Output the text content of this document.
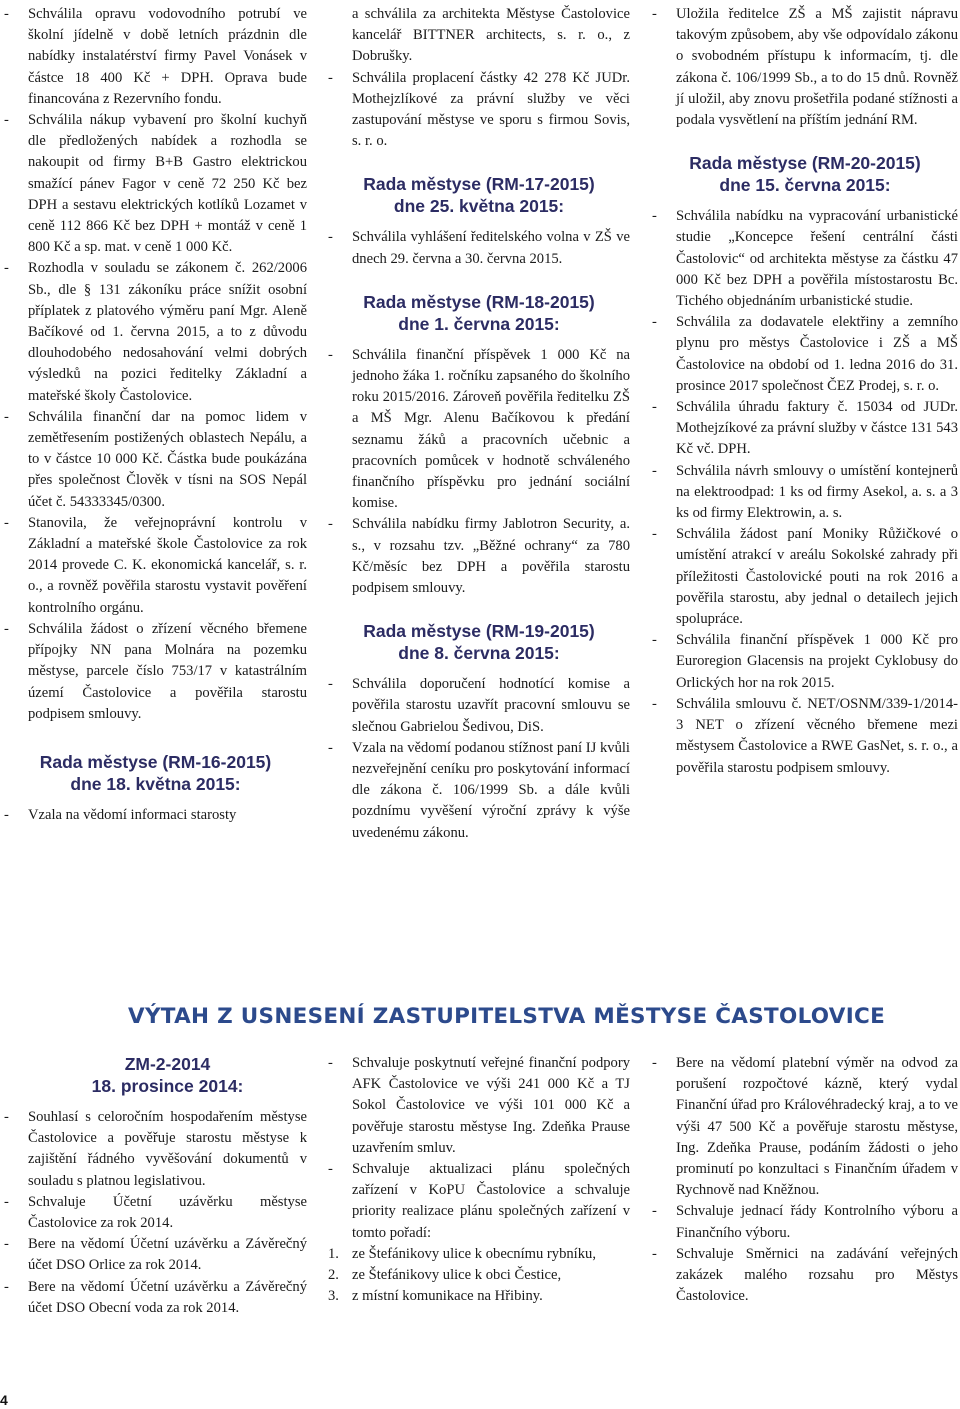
- Schválila opravu vodovodního potrubí ve školní jídelně v době letních prázdnin dle nabídky instalatérství firmy Pavel Vonásek v částce 18 400 Kč + DPH. Oprava bude financována z Rezervního fondu.

- Schválila nákup vybavení pro školní kuchyň dle předložených nabídek a rozhodla se nakoupit od firmy B+B Gastro elektrickou smažící pánev Fagor v ceně 72 250 Kč bez DPH a sestavu elektrických kotlíků Lozamet v ceně 112 866 Kč bez DPH + montáž v ceně 1 800 Kč a sp. mat. v ceně 1 000 Kč.

- Rozhodla v souladu se zákonem č. 262/2006 Sb., dle § 131 zákoníku práce snížit osobní příplatek z platového výměru paní Mgr. Aleně Bačíkové od 1. června 2015, a to z důvodu dlouhodobého nedosahování velmi dobrých výsledků na pozici ředitelky Základní a mateřské školy Častolovice.

- Schválila finanční dar na pomoc lidem v zemětřesením postižených oblastech Nepálu, a to v částce 10 000 Kč. Částka bude poukázána přes společnost Člověk v tísni na SOS Nepál účet č. 54333345/0300.

- Stanovila, že veřejnoprávní kontrolu v Základní a mateřské škole Častolovice za rok 2014 provede C. K. ekonomická kancelář, s. r. o., a rovněž pověřila starostu vystavit pověření kontrolního orgánu.

- Schválila žádost o zřízení věcného břemene přípojky NN pana Molnára na pozemku městyse, parcele číslo 753/17 v katastrálním území Častolovice a pověřila starostu podpisem smlouvy.

Rada městyse (RM-16-2015)
dne 18. května 2015:

- Vzala na vědomí informaci starosty

a schválila za architekta Městyse Častolovice kancelář BITTNER architects, s. r. o., z Dobrušky.

- Schválila proplacení částky 42 278 Kč JUDr. Mothejzlíkové za právní služby ve věci zastupování městyse ve sporu s firmou Sovis, s. r. o.

Rada městyse (RM-17-2015)
dne 25. května 2015:

- Schválila vyhlášení ředitelského volna v ZŠ ve dnech 29. června a 30. června 2015.

Rada městyse (RM-18-2015)
dne 1. června 2015:

- Schválila finanční příspěvek 1 000 Kč na jednoho žáka 1. ročníku zapsaného do školního roku 2015/2016. Zároveň pověřila ředitelku ZŠ a MŠ Mgr. Alenu Bačíkovou k předání seznamu žáků a pracovních učebnic a pracovních pomůcek v hodnotě schváleného finančního příspěvku pro jednání sociální komise.

- Schválila nabídku firmy Jablotron Security, a. s., v rozsahu tzv. „Běžné ochrany“ za 780 Kč/měsíc bez DPH a pověřila starostu podpisem smlouvy.

Rada městyse (RM-19-2015)
dne 8. června 2015:

- Schválila doporučení hodnotící komise a pověřila starostu uzavřít pracovní smlouvu se slečnou Gabrielou Šedivou, DiS.

- Vzala na vědomí podanou stížnost paní IJ kvůli nezveřejnění ceníku pro poskytování informací dle zákona č. 106/1999 Sb. a dále kvůli pozdnímu vyvěšení výroční zprávy k výše uvedenému zákonu.

- Uložila ředitelce ZŠ a MŠ zajistit nápravu takovým způsobem, aby vše odpovídalo zákonu o svobodném přístupu k informacím, tj. dle zákona č. 106/1999 Sb., a to do 15 dnů. Rovněž jí uložil, aby znovu prošetřila podané stížnosti a podala vysvětlení na příštím jednání RM.

Rada městyse (RM-20-2015)
dne 15. června 2015:

- Schválila nabídku na vypracování urbanistické studie „Koncepce řešení centrální části Častolovic“ od architekta městyse za částku 47 000 Kč bez DPH a pověřila místostarostu Bc. Tichého objednáním urbanistické studie.

- Schválila za dodavatele elektřiny a zemního plynu pro městys Častolovice i ZŠ a MŠ Častolovice na období od 1. ledna 2016 do 31. prosince 2017 společnost ČEZ Prodej, s. r. o.

- Schválila úhradu faktury č. 15034 od JUDr. Mothejzíkové za právní služby v částce 131 543 Kč vč. DPH.

- Schválila návrh smlouvy o umístění kontejnerů na elektroodpad: 1 ks od firmy Asekol, a. s. a 3 ks od firmy Elektrowin, a. s.

- Schválila žádost paní Moniky Růžičkové o umístění atrakcí v areálu Sokolské zahrady při příležitosti Častolovické pouti na rok 2016 a pověřila starostu, aby jednal o detailech jejich spolupráce.

- Schválila finanční příspěvek 1 000 Kč pro Euroregion Glacensis na projekt Cyklobusy do Orlických hor na rok 2015.

- Schválila smlouvu č. NET/OSNM/339-1/2014-3 NET o zřízení věcného břemene mezi městysem Častolovice a RWE GasNet, s. r. o., a pověřila starostu podpisem smlouvy.

VÝTAH Z USNESENÍ ZASTUPITELSTVA MĚSTYSE ČASTOLOVICE
ZM-2-2014
18. prosince 2014:

- Souhlasí s celoročním hospodařením městyse Častolovice a pověřuje starostu městyse k zajištění řádného vyvěšování dokumentů v souladu s platnou legislativou.

- Schvaluje Účetní uzávěrku městyse Častolovice za rok 2014.

- Bere na vědomí Účetní uzávěrku a Závěrečný účet DSO Orlice za rok 2014.

- Bere na vědomí Účetní uzávěrku a Závěrečný účet DSO Obecní voda za rok 2014.

- Schvaluje poskytnutí veřejné finanční podpory AFK Častolovice ve výši 241 000 Kč a TJ Sokol Častolovice ve výši 101 000 Kč a pověřuje starostu městyse Ing. Zdeňka Prause uzavřením smluv.

- Schvaluje aktualizaci plánu společných zařízení v KoPU Častolovice a schvaluje priority realizace plánu společných zařízení v tomto pořadí:

1. ze Štefánikovy ulice k obecnímu rybníku,
2. ze Štefánikovy ulice k obci Čestice,
3. z místní komunikace na Hřibiny.

- Bere na vědomí platební výměr na odvod za porušení rozpočtové kázně, který vydal Finanční úřad pro Královéhradecký kraj, a to ve výši 47 500 Kč a pověřuje starostu městyse, Ing. Zdeňka Prause, podáním žádosti o jeho prominutí po konzultaci s Finančním úřadem v Rychnově nad Kněžnou.

- Schvaluje jednací řády Kontrolního výboru a Finančního výboru.

- Schvaluje Směrnici na zadávání veřejných zakázek malého rozsahu pro Městys Častolovice.

4
